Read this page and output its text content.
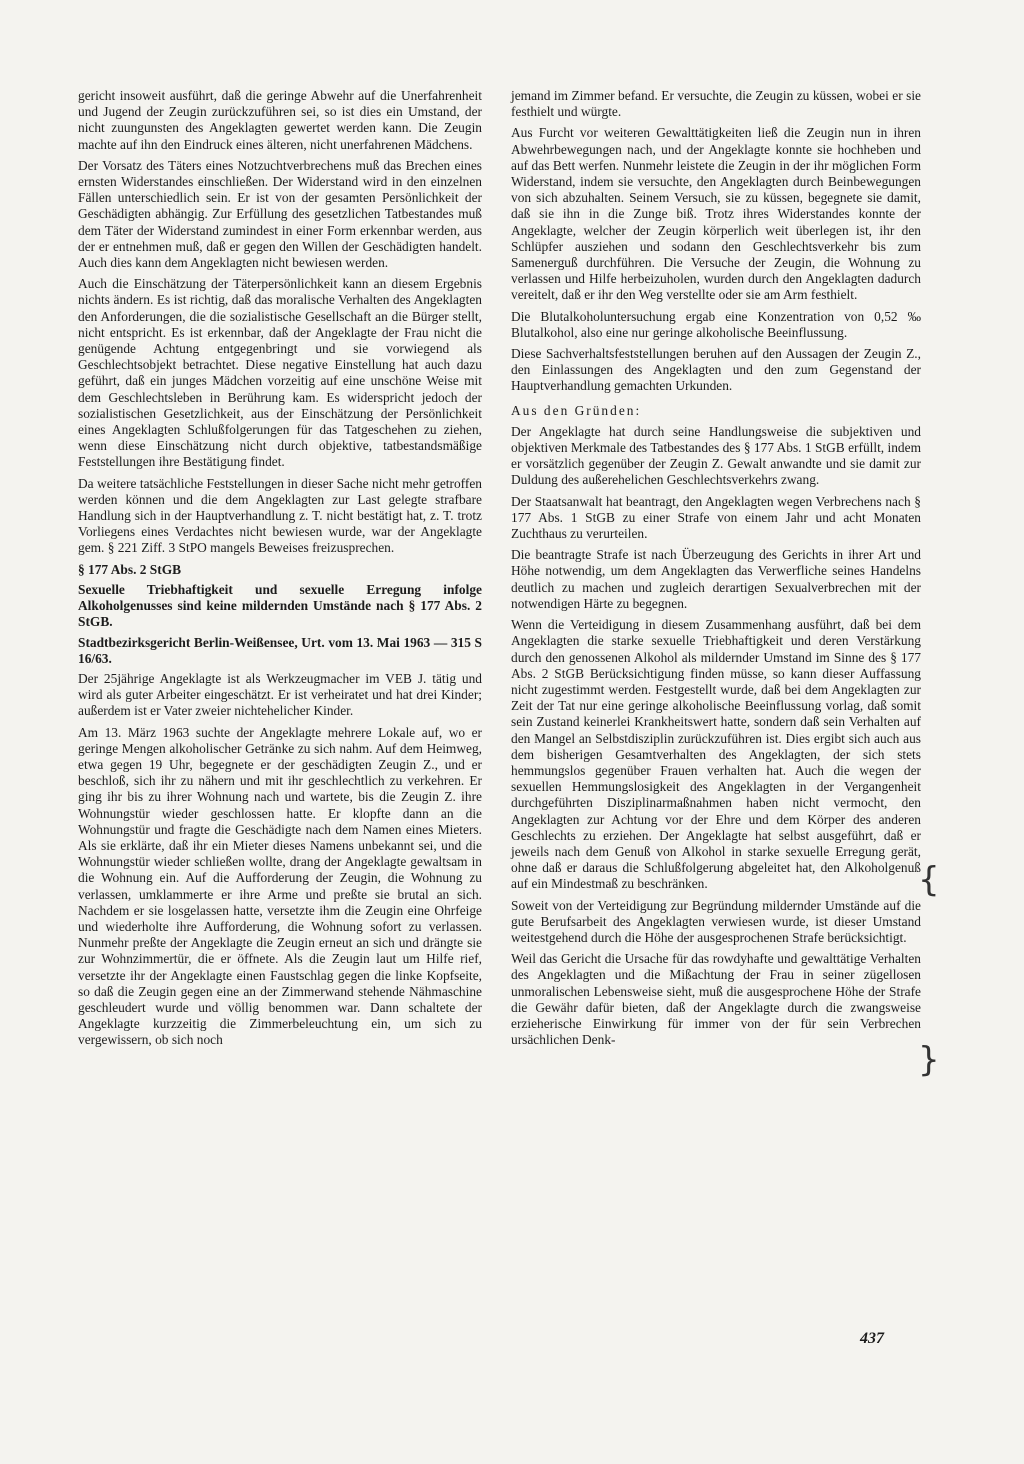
gericht insoweit ausführt, daß die geringe Abwehr auf die Unerfahrenheit und Jugend der Zeugin zurückzuführen sei, so ist dies ein Umstand, der nicht zuungunsten des Angeklagten gewertet werden kann. Die Zeugin machte auf ihn den Eindruck eines älteren, nicht unerfahrenen Mädchens.

Der Vorsatz des Täters eines Notzuchtverbrechens muß das Brechen eines ernsten Widerstandes einschließen. Der Widerstand wird in den einzelnen Fällen unterschiedlich sein. Er ist von der gesamten Persönlichkeit der Geschädigten abhängig. Zur Erfüllung des gesetzlichen Tatbestandes muß dem Täter der Widerstand zumindest in einer Form erkennbar werden, aus der er entnehmen muß, daß er gegen den Willen der Geschädigten handelt. Auch dies kann dem Angeklagten nicht bewiesen werden.

Auch die Einschätzung der Täterpersönlichkeit kann an diesem Ergebnis nichts ändern. Es ist richtig, daß das moralische Verhalten des Angeklagten den Anforderungen, die die sozialistische Gesellschaft an die Bürger stellt, nicht entspricht. Es ist erkennbar, daß der Angeklagte der Frau nicht die genügende Achtung entgegenbringt und sie vorwiegend als Geschlechtsobjekt betrachtet. Diese negative Einstellung hat auch dazu geführt, daß ein junges Mädchen vorzeitig auf eine unschöne Weise mit dem Geschlechtsleben in Berührung kam. Es widerspricht jedoch der sozialistischen Gesetzlichkeit, aus der Einschätzung der Persönlichkeit eines Angeklagten Schlußfolgerungen für das Tatgeschehen zu ziehen, wenn diese Einschätzung nicht durch objektive, tatbestandsmäßige Feststellungen ihre Bestätigung findet.

Da weitere tatsächliche Feststellungen in dieser Sache nicht mehr getroffen werden können und die dem Angeklagten zur Last gelegte strafbare Handlung sich in der Hauptverhandlung z. T. nicht bestätigt hat, z. T. trotz Vorliegens eines Verdachtes nicht bewiesen wurde, war der Angeklagte gem. § 221 Ziff. 3 StPO mangels Beweises freizusprechen.

§ 177 Abs. 2 StGB

Sexuelle Triebhaftigkeit und sexuelle Erregung infolge Alkoholgenusses sind keine mildernden Umstände nach § 177 Abs. 2 StGB.

Stadtbezirksgericht Berlin-Weißensee, Urt. vom 13. Mai 1963 — 315 S 16/63.

Der 25jährige Angeklagte ist als Werkzeugmacher im VEB J. tätig und wird als guter Arbeiter eingeschätzt. Er ist verheiratet und hat drei Kinder; außerdem ist er Vater zweier nichtehelicher Kinder.

Am 13. März 1963 suchte der Angeklagte mehrere Lokale auf, wo er geringe Mengen alkoholischer Getränke zu sich nahm. Auf dem Heimweg, etwa gegen 19 Uhr, begegnete er der geschädigten Zeugin Z., und er beschloß, sich ihr zu nähern und mit ihr geschlechtlich zu verkehren. Er ging ihr bis zu ihrer Wohnung nach und wartete, bis die Zeugin Z. ihre Wohnungstür wieder geschlossen hatte. Er klopfte dann an die Wohnungstür und fragte die Geschädigte nach dem Namen eines Mieters. Als sie erklärte, daß ihr ein Mieter dieses Namens unbekannt sei, und die Wohnungstür wieder schließen wollte, drang der Angeklagte gewaltsam in die Wohnung ein. Auf die Aufforderung der Zeugin, die Wohnung zu verlassen, umklammerte er ihre Arme und preßte sie brutal an sich. Nachdem er sie losgelassen hatte, versetzte ihm die Zeugin eine Ohrfeige und wiederholte ihre Aufforderung, die Wohnung sofort zu verlassen. Nunmehr preßte der Angeklagte die Zeugin erneut an sich und drängte sie zur Wohnzimmertür, die er öffnete. Als die Zeugin laut um Hilfe rief, versetzte ihr der Angeklagte einen Faustschlag gegen die linke Kopfseite, so daß die Zeugin gegen eine an der Zimmerwand stehende Nähmaschine geschleudert wurde und völlig benommen war. Dann schaltete der Angeklagte kurzzeitig die Zimmerbeleuchtung ein, um sich zu vergewissern, ob sich noch

jemand im Zimmer befand. Er versuchte, die Zeugin zu küssen, wobei er sie festhielt und würgte.

Aus Furcht vor weiteren Gewalttätigkeiten ließ die Zeugin nun in ihren Abwehrbewegungen nach, und der Angeklagte konnte sie hochheben und auf das Bett werfen. Nunmehr leistete die Zeugin in der ihr möglichen Form Widerstand, indem sie versuchte, den Angeklagten durch Beinbewegungen von sich abzuhalten. Seinem Versuch, sie zu küssen, begegnete sie damit, daß sie ihn in die Zunge biß. Trotz ihres Widerstandes konnte der Angeklagte, welcher der Zeugin körperlich weit überlegen ist, ihr den Schlüpfer ausziehen und sodann den Geschlechtsverkehr bis zum Samenerguß durchführen. Die Versuche der Zeugin, die Wohnung zu verlassen und Hilfe herbeizuholen, wurden durch den Angeklagten dadurch vereitelt, daß er ihr den Weg verstellte oder sie am Arm festhielt.

Die Blutalkoholuntersuchung ergab eine Konzentration von 0,52 ‰ Blutalkohol, also eine nur geringe alkoholische Beeinflussung.

Diese Sachverhaltsfeststellungen beruhen auf den Aussagen der Zeugin Z., den Einlassungen des Angeklagten und den zum Gegenstand der Hauptverhandlung gemachten Urkunden.

Aus den Gründen:

Der Angeklagte hat durch seine Handlungsweise die subjektiven und objektiven Merkmale des Tatbestandes des § 177 Abs. 1 StGB erfüllt, indem er vorsätzlich gegenüber der Zeugin Z. Gewalt anwandte und sie damit zur Duldung des außerehelichen Geschlechtsverkehrs zwang.

Der Staatsanwalt hat beantragt, den Angeklagten wegen Verbrechens nach § 177 Abs. 1 StGB zu einer Strafe von einem Jahr und acht Monaten Zuchthaus zu verurteilen.

Die beantragte Strafe ist nach Überzeugung des Gerichts in ihrer Art und Höhe notwendig, um dem Angeklagten das Verwerfliche seines Handelns deutlich zu machen und zugleich derartigen Sexualverbrechen mit der notwendigen Härte zu begegnen.

Wenn die Verteidigung in diesem Zusammenhang ausführt, daß bei dem Angeklagten die starke sexuelle Triebhaftigkeit und deren Verstärkung durch den genossenen Alkohol als mildernder Umstand im Sinne des § 177 Abs. 2 StGB Berücksichtigung finden müsse, so kann dieser Auffassung nicht zugestimmt werden. Festgestellt wurde, daß bei dem Angeklagten zur Zeit der Tat nur eine geringe alkoholische Beeinflussung vorlag, daß somit sein Zustand keinerlei Krankheitswert hatte, sondern daß sein Verhalten auf den Mangel an Selbstdisziplin zurückzuführen ist. Dies ergibt sich auch aus dem bisherigen Gesamtverhalten des Angeklagten, der sich stets hemmungslos gegenüber Frauen verhalten hat. Auch die wegen der sexuellen Hemmungslosigkeit des Angeklagten in der Vergangenheit durchgeführten Disziplinarmaßnahmen haben nicht vermocht, den Angeklagten zur Achtung vor der Ehre und dem Körper des anderen Geschlechts zu erziehen. Der Angeklagte hat selbst ausgeführt, daß er jeweils nach dem Genuß von Alkohol in starke sexuelle Erregung gerät, ohne daß er daraus die Schlußfolgerung abgeleitet hat, den Alkoholgenuß auf ein Mindestmaß zu beschränken.

Soweit von der Verteidigung zur Begründung mildernder Umstände auf die gute Berufsarbeit des Angeklagten verwiesen wurde, ist dieser Umstand weitestgehend durch die Höhe der ausgesprochenen Strafe berücksichtigt.

Weil das Gericht die Ursache für das rowdyhafte und gewalttätige Verhalten des Angeklagten und die Mißachtung der Frau in seiner zügellosen unmoralischen Lebensweise sieht, muß die ausgesprochene Höhe der Strafe die Gewähr dafür bieten, daß der Angeklagte durch die zwangsweise erzieherische Einwirkung für immer von der für sein Verbrechen ursächlichen Denk-

{
}
437
